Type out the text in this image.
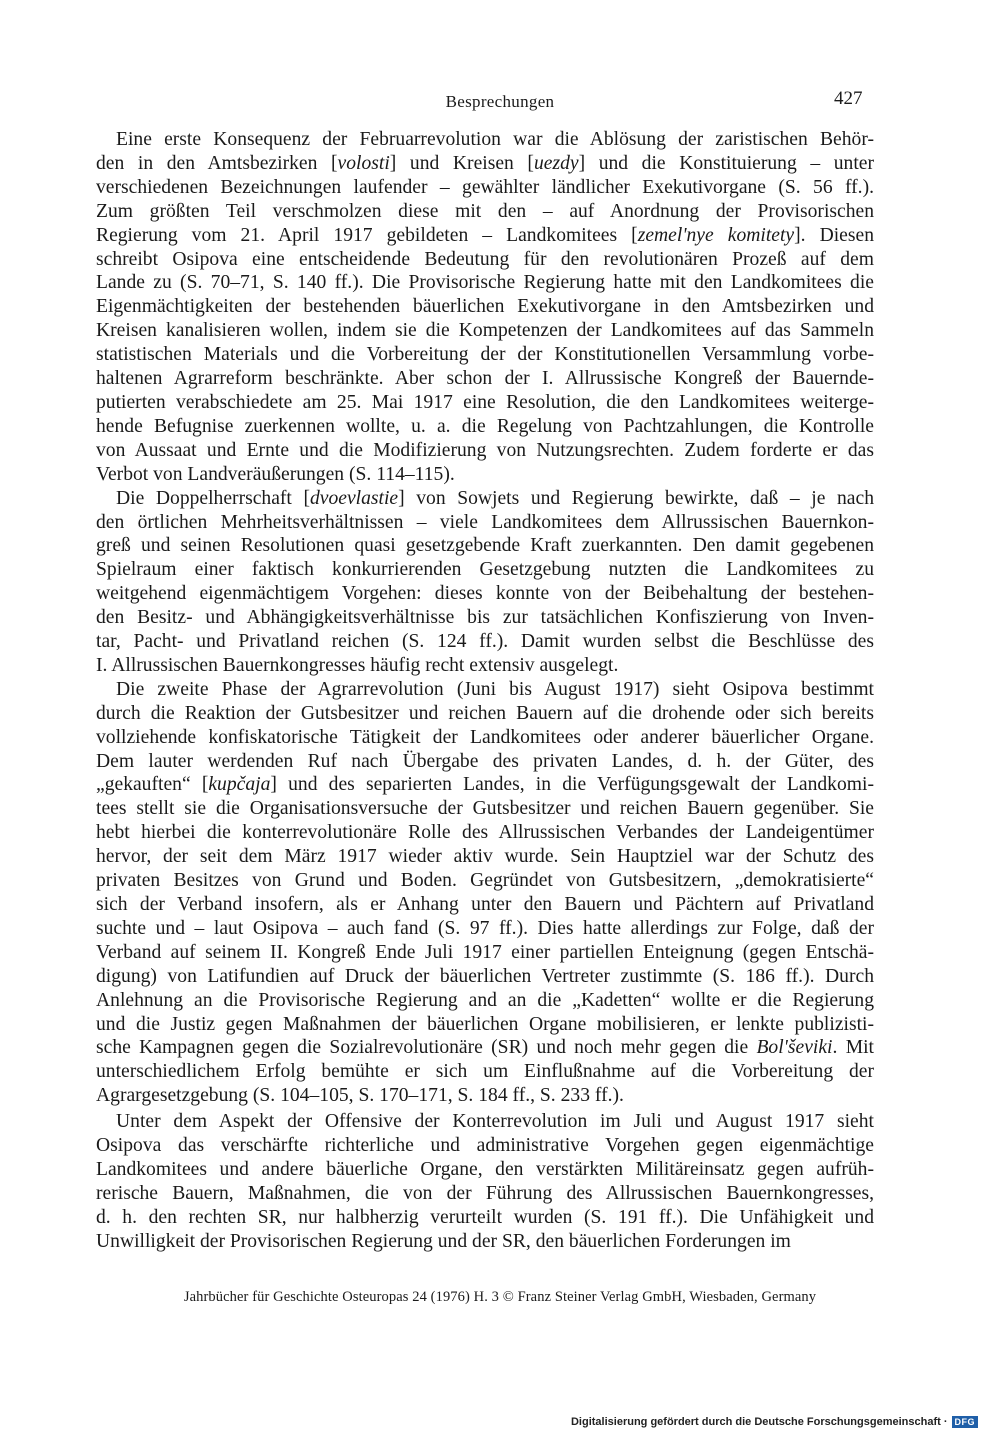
Besprechungen	427
Eine erste Konsequenz der Februarrevolution war die Ablösung der zaristischen Behör-
den in den Amtsbezirken [volosti] und Kreisen [uezdy] und die Konstituierung – unter
verschiedenen Bezeichnungen laufender – gewählter ländlicher Exekutivorgane (S. 56 ff.).
Zum größten Teil verschmolzen diese mit den – auf Anordnung der Provisorischen
Regierung vom 21. April 1917 gebildeten – Landkomitees [zemel'nye komitety]. Diesen
schreibt Osipova eine entscheidende Bedeutung für den revolutionären Prozeß auf dem
Lande zu (S. 70–71, S. 140 ff.). Die Provisorische Regierung hatte mit den Landkomitees die
Eigenmächtigkeiten der bestehenden bäuerlichen Exekutivorgane in den Amtsbezirken und
Kreisen kanalisieren wollen, indem sie die Kompetenzen der Landkomitees auf das Sammeln
statistischen Materials und die Vorbereitung der der Konstitutionellen Versammlung vorbe-
haltenen Agrarreform beschränkte. Aber schon der I. Allrussische Kongreß der Bauernde-
putierten verabschiedete am 25. Mai 1917 eine Resolution, die den Landkomitees weiterge-
hende Befugnise zuerkennen wollte, u. a. die Regelung von Pachtzahlungen, die Kontrolle
von Aussaat und Ernte und die Modifizierung von Nutzungsrechten. Zudem forderte er das
Verbot von Landveräußerungen (S. 114–115).
Die Doppelherrschaft [dvoevlastie] von Sowjets und Regierung bewirkte, daß – je nach
den örtlichen Mehrheitsverhältnissen – viele Landkomitees dem Allrussischen Bauernkon-
greß und seinen Resolutionen quasi gesetzgebende Kraft zuerkannten. Den damit gegebenen
Spielraum einer faktisch konkurrierenden Gesetzgebung nutzten die Landkomitees zu
weitgehend eigenmächtigem Vorgehen: dieses konnte von der Beibehaltung der bestehen-
den Besitz- und Abhängigkeitsverhältnisse bis zur tatsächlichen Konfiszierung von Inven-
tar, Pacht- und Privatland reichen (S. 124 ff.). Damit wurden selbst die Beschlüsse des
I. Allrussischen Bauernkongresses häufig recht extensiv ausgelegt.
Die zweite Phase der Agrarrevolution (Juni bis August 1917) sieht Osipova bestimmt
durch die Reaktion der Gutsbesitzer und reichen Bauern auf die drohende oder sich bereits
vollziehende konfiskatorische Tätigkeit der Landkomitees oder anderer bäuerlicher Organe.
Dem lauter werdenden Ruf nach Übergabe des privaten Landes, d. h. der Güter, des
„gekauften“ [kupčaja] und des separierten Landes, in die Verfügungsgewalt der Landkomi-
tees stellt sie die Organisationsversuche der Gutsbesitzer und reichen Bauern gegenüber. Sie
hebt hierbei die konterrevolutionäre Rolle des Allrussischen Verbandes der Landeigentümer
hervor, der seit dem März 1917 wieder aktiv wurde. Sein Hauptziel war der Schutz des
privaten Besitzes von Grund und Boden. Gegründet von Gutsbesitzern, „demokratisierte“
sich der Verband insofern, als er Anhang unter den Bauern und Pächtern auf Privatland
suchte und – laut Osipova – auch fand (S. 97 ff.). Dies hatte allerdings zur Folge, daß der
Verband auf seinem II. Kongreß Ende Juli 1917 einer partiellen Enteignung (gegen Entschä-
digung) von Latifundien auf Druck der bäuerlichen Vertreter zustimmte (S. 186 ff.). Durch
Anlehnung an die Provisorische Regierung and an die „Kadetten“ wollte er die Regierung
und die Justiz gegen Maßnahmen der bäuerlichen Organe mobilisieren, er lenkte publizisti-
sche Kampagnen gegen die Sozialrevolutionäre (SR) und noch mehr gegen die Bol'ševiki. Mit
unterschiedlichem Erfolg bemühte er sich um Einflußnahme auf die Vorbereitung der
Agrargesetzgebung (S. 104–105, S. 170–171, S. 184 ff., S. 233 ff.).
Unter dem Aspekt der Offensive der Konterrevolution im Juli und August 1917 sieht
Osipova das verschärfte richterliche und administrative Vorgehen gegen eigenmächtige
Landkomitees und andere bäuerliche Organe, den verstärkten Militäreinsatz gegen aufrüh-
rerische Bauern, Maßnahmen, die von der Führung des Allrussischen Bauernkongresses,
d. h. den rechten SR, nur halbherzig verurteilt wurden (S. 191 ff.). Die Unfähigkeit und
Unwilligkeit der Provisorischen Regierung und der SR, den bäuerlichen Forderungen im
Jahrbücher für Geschichte Osteuropas 24 (1976) H. 3 © Franz Steiner Verlag GmbH, Wiesbaden, Germany
Digitalisierung gefördert durch die Deutsche Forschungsgemeinschaft · DFG
